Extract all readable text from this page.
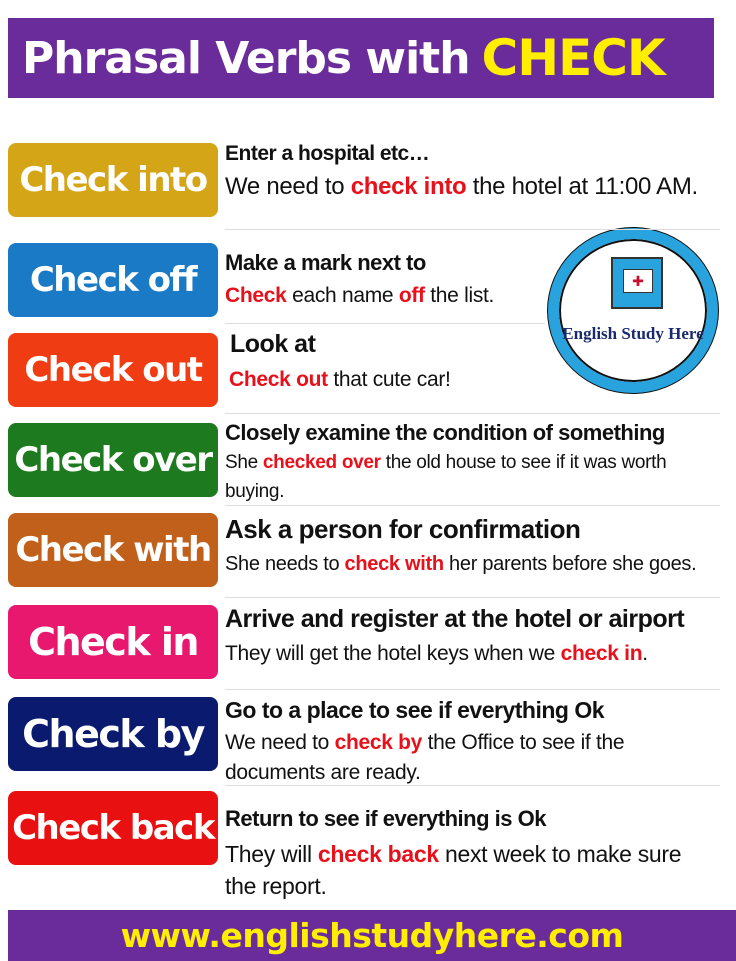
Phrasal Verbs with CHECK
✚
English Study Here
Check into
Enter a hospital etc…
We need to check into the hotel at 11:00 AM.
Check off	Make a mark next to
Check each name off the list.
Check out
Look at
Check out that cute car!
Check over
Closely examine the condition of something
She checked over the old house to see if it was worth buying.
Check with
Ask a person for confirmation
She needs to check with her parents before she goes.
Check in
Arrive and register at the hotel or airport
They will get the hotel keys when we check in.
Check by
Go to a place to see if everything Ok
We need to check by the Office to see if the documents are ready.
Check back Return to see if everything is Ok
They will check back next week to make sure the report.
www.englishstudyhere.com
